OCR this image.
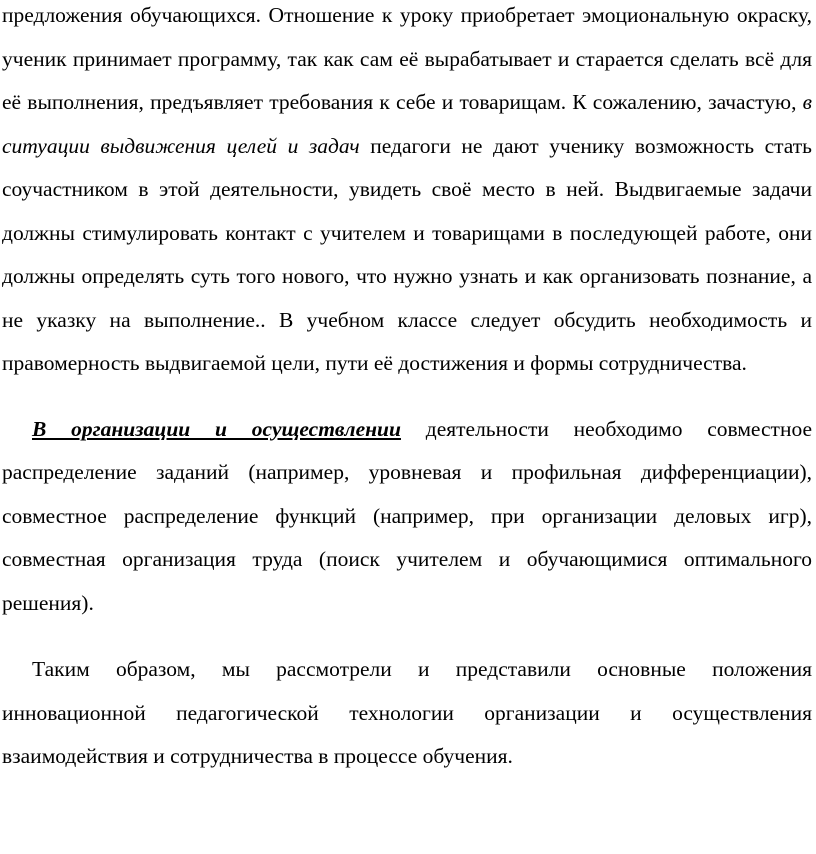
предложения обучающихся. Отношение к уроку приобретает эмоциональную окраску, ученик принимает программу, так как сам её вырабатывает и старается сделать всё для её выполнения, предъявляет требования к себе и товарищам. К сожалению, зачастую, в ситуации выдвижения целей и задач педагоги не дают ученику возможность стать соучастником в этой деятельности, увидеть своё место в ней. Выдвигаемые задачи должны стимулировать контакт с учителем и товарищами в последующей работе, они должны определять суть того нового, что нужно узнать и как организовать познание, а не указку на выполнение.. В учебном классе следует обсудить необходимость и правомерность выдвигаемой цели, пути её достижения и формы сотрудничества.

В организации и осуществлении деятельности необходимо совместное распределение заданий (например, уровневая и профильная дифференциации), совместное распределение функций (например, при организации деловых игр), совместная организация труда (поиск учителем и обучающимися оптимального решения).

Таким образом, мы рассмотрели и представили основные положения инновационной педагогической технологии организации и осуществления взаимодействия и сотрудничества в процессе обучения.
